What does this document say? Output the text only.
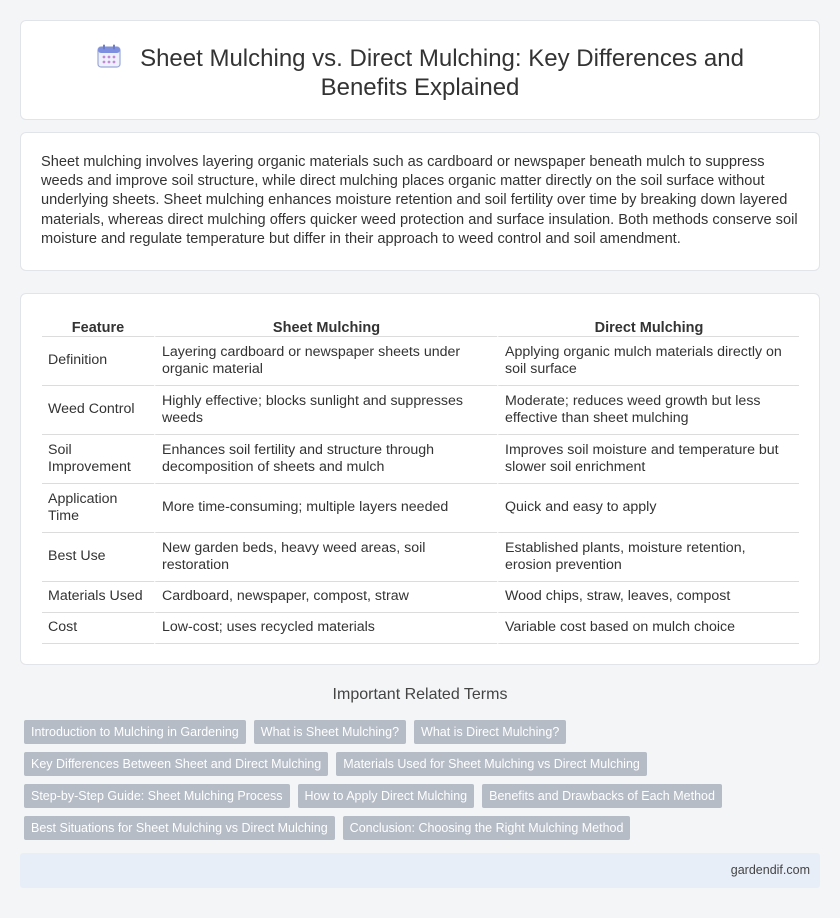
Sheet Mulching vs. Direct Mulching: Key Differences and Benefits Explained

Sheet mulching involves layering organic materials such as cardboard or newspaper beneath mulch to suppress weeds and improve soil structure, while direct mulching places organic matter directly on the soil surface without underlying sheets. Sheet mulching enhances moisture retention and soil fertility over time by breaking down layered materials, whereas direct mulching offers quicker weed protection and surface insulation. Both methods conserve soil moisture and regulate temperature but differ in their approach to weed control and soil amendment.

Feature	Sheet Mulching	Direct Mulching
Definition	Layering cardboard or newspaper sheets under organic material	Applying organic mulch materials directly on soil surface
Weed Control	Highly effective; blocks sunlight and suppresses weeds	Moderate; reduces weed growth but less effective than sheet mulching
Soil Improvement	Enhances soil fertility and structure through decomposition of sheets and mulch	Improves soil moisture and temperature but slower soil enrichment
Application Time	More time-consuming; multiple layers needed	Quick and easy to apply
Best Use	New garden beds, heavy weed areas, soil restoration	Established plants, moisture retention, erosion prevention
Materials Used	Cardboard, newspaper, compost, straw	Wood chips, straw, leaves, compost
Cost	Low-cost; uses recycled materials	Variable cost based on mulch choice
Important Related Terms
Introduction to Mulching in Gardening	What is Sheet Mulching?	What is Direct Mulching?
Key Differences Between Sheet and Direct Mulching	Materials Used for Sheet Mulching vs Direct Mulching
Step-by-Step Guide: Sheet Mulching Process	How to Apply Direct Mulching	Benefits and Drawbacks of Each Method
Best Situations for Sheet Mulching vs Direct Mulching	Conclusion: Choosing the Right Mulching Method
gardendif.com
